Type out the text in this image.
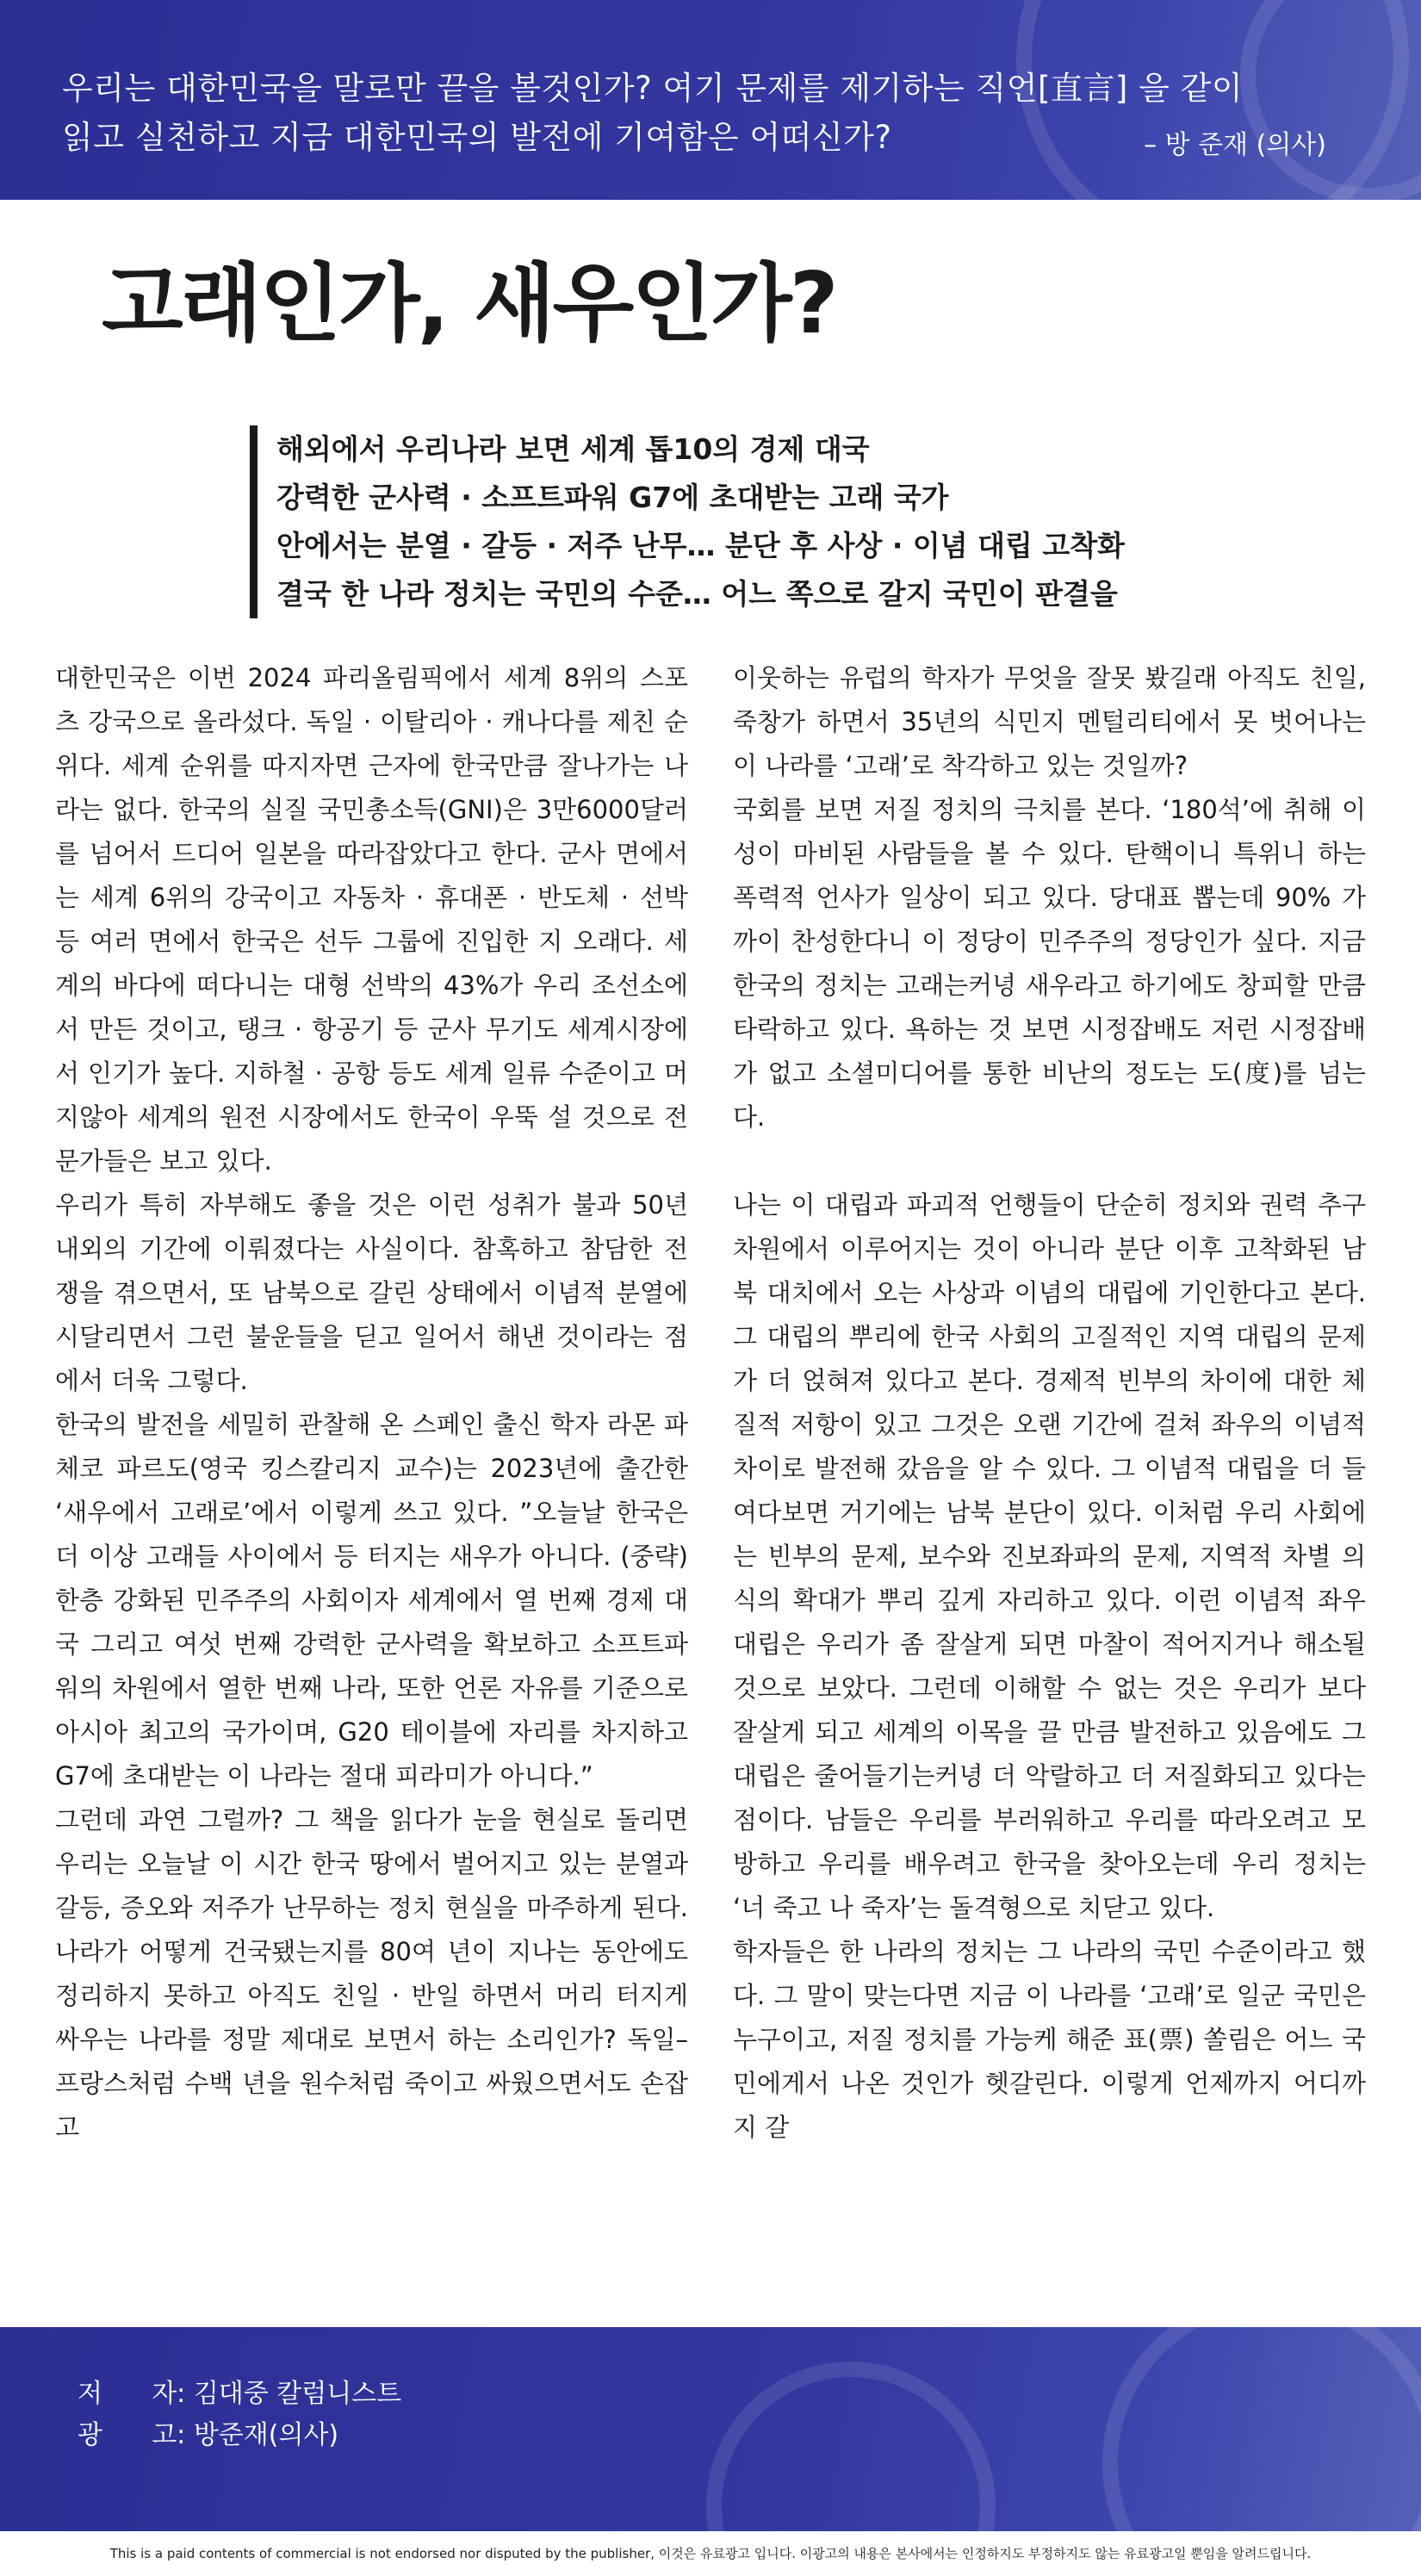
우리는 대한민국을 말로만 끝을 볼것인가? 여기 문제를 제기하는 직언[直言] 을 같이

읽고 실천하고 지금 대한민국의 발전에 기여함은 어떠신가?	– 방 준재 (의사)
고래인가, 새우인가?
해외에서 우리나라 보면 세계 톱10의 경제 대국
강력한 군사력 · 소프트파워 G7에 초대받는 고래 국가
안에서는 분열 · 갈등 · 저주 난무… 분단 후 사상 · 이념 대립 고착화
결국 한 나라 정치는 국민의 수준… 어느 쪽으로 갈지 국민이 판결을

대한민국은 이번 2024 파리올림픽에서 세계 8위의 스포츠 강국으로 올라섰다. 독일 · 이탈리아 · 캐나다를 제친 순위다. 세계 순위를 따지자면 근자에 한국만큼 잘나가는 나라는 없다. 한국의 실질 국민총소득(GNI)은 3만6000달러를 넘어서 드디어 일본을 따라잡았다고 한다. 군사 면에서는 세계 6위의 강국이고 자동차 · 휴대폰 · 반도체 · 선박 등 여러 면에서 한국은 선두 그룹에 진입한 지 오래다. 세계의 바다에 떠다니는 대형 선박의 43%가 우리 조선소에서 만든 것이고, 탱크 · 항공기 등 군사 무기도 세계시장에서 인기가 높다. 지하철 · 공항 등도 세계 일류 수준이고 머지않아 세계의 원전 시장에서도 한국이 우뚝 설 것으로 전문가들은 보고 있다.

우리가 특히 자부해도 좋을 것은 이런 성취가 불과 50년 내외의 기간에 이뤄졌다는 사실이다. 참혹하고 참담한 전쟁을 겪으면서, 또 남북으로 갈린 상태에서 이념적 분열에 시달리면서 그런 불운들을 딛고 일어서 해낸 것이라는 점에서 더욱 그렇다.

한국의 발전을 세밀히 관찰해 온 스페인 출신 학자 라몬 파체코 파르도(영국 킹스칼리지 교수)는 2023년에 출간한 ‘새우에서 고래로’에서 이렇게 쓰고 있다. ”오늘날 한국은 더 이상 고래들 사이에서 등 터지는 새우가 아니다. (중략) 한층 강화된 민주주의 사회이자 세계에서 열 번째 경제 대국 그리고 여섯 번째 강력한 군사력을 확보하고 소프트파워의 차원에서 열한 번째 나라, 또한 언론 자유를 기준으로 아시아 최고의 국가이며, G20 테이블에 자리를 차지하고 G7에 초대받는 이 나라는 절대 피라미가 아니다.”

그런데 과연 그럴까? 그 책을 읽다가 눈을 현실로 돌리면 우리는 오늘날 이 시간 한국 땅에서 벌어지고 있는 분열과 갈등, 증오와 저주가 난무하는 정치 현실을 마주하게 된다. 나라가 어떻게 건국됐는지를 80여 년이 지나는 동안에도 정리하지 못하고 아직도 친일 · 반일 하면서 머리 터지게 싸우는 나라를 정말 제대로 보면서 하는 소리인가? 독일–프랑스처럼 수백 년을 원수처럼 죽이고 싸웠으면서도 손잡고

이웃하는 유럽의 학자가 무엇을 잘못 봤길래 아직도 친일, 죽창가 하면서 35년의 식민지 멘털리티에서 못 벗어나는 이 나라를 ‘고래’로 착각하고 있는 것일까?

국회를 보면 저질 정치의 극치를 본다. ‘180석’에 취해 이성이 마비된 사람들을 볼 수 있다. 탄핵이니 특위니 하는 폭력적 언사가 일상이 되고 있다. 당대표 뽑는데 90% 가까이 찬성한다니 이 정당이 민주주의 정당인가 싶다. 지금 한국의 정치는 고래는커녕 새우라고 하기에도 창피할 만큼 타락하고 있다. 욕하는 것 보면 시정잡배도 저런 시정잡배가 없고 소셜미디어를 통한 비난의 정도는 도(度)를 넘는다.

나는 이 대립과 파괴적 언행들이 단순히 정치와 권력 추구 차원에서 이루어지는 것이 아니라 분단 이후 고착화된 남북 대치에서 오는 사상과 이념의 대립에 기인한다고 본다. 그 대립의 뿌리에 한국 사회의 고질적인 지역 대립의 문제가 더 얹혀져 있다고 본다. 경제적 빈부의 차이에 대한 체질적 저항이 있고 그것은 오랜 기간에 걸쳐 좌우의 이념적 차이로 발전해 갔음을 알 수 있다. 그 이념적 대립을 더 들여다보면 거기에는 남북 분단이 있다. 이처럼 우리 사회에는 빈부의 문제, 보수와 진보좌파의 문제, 지역적 차별 의식의 확대가 뿌리 깊게 자리하고 있다. 이런 이념적 좌우 대립은 우리가 좀 잘살게 되면 마찰이 적어지거나 해소될 것으로 보았다. 그런데 이해할 수 없는 것은 우리가 보다 잘살게 되고 세계의 이목을 끌 만큼 발전하고 있음에도 그 대립은 줄어들기는커녕 더 악랄하고 더 저질화되고 있다는 점이다. 남들은 우리를 부러워하고 우리를 따라오려고 모방하고 우리를 배우려고 한국을 찾아오는데 우리 정치는 ‘너 죽고 나 죽자’는 돌격형으로 치닫고 있다.

학자들은 한 나라의 정치는 그 나라의 국민 수준이라고 했다. 그 말이 맞는다면 지금 이 나라를 ‘고래’로 일군 국민은 누구이고, 저질 정치를 가능케 해준 표(票) 쏠림은 어느 국민에게서 나온 것인가 헷갈린다. 이렇게 언제까지 어디까지 갈

저      자: 김대중 칼럼니스트
광      고: 방준재(의사)
This is a paid contents of commercial is not endorsed nor disputed by the publisher, 이것은 유료광고 입니다. 이광고의 내용은 본사에서는 인정하지도 부정하지도 않는 유료광고일 뿐임을 알려드립니다.
